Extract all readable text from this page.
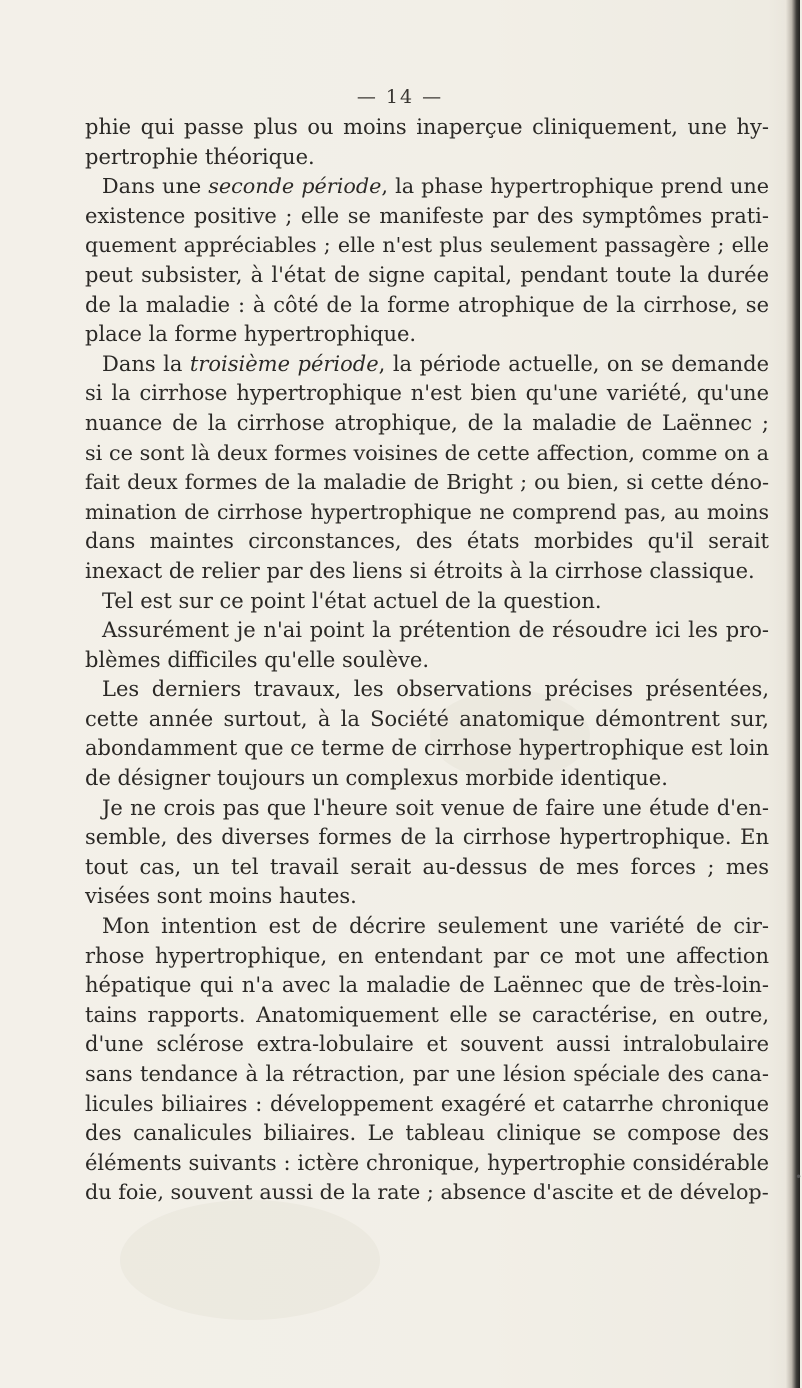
— 14 —
phie qui passe plus ou moins inaperçue cliniquement, une hy-
pertrophie théorique.
Dans une seconde période, la phase hypertrophique prend une
existence positive ; elle se manifeste par des symptômes prati-
quement appréciables ; elle n'est plus seulement passagère ; elle
peut subsister, à l'état de signe capital, pendant toute la durée
de la maladie : à côté de la forme atrophique de la cirrhose, se
place la forme hypertrophique.
Dans la troisième période, la période actuelle, on se demande
si la cirrhose hypertrophique n'est bien qu'une variété, qu'une
nuance de la cirrhose atrophique, de la maladie de Laënnec ;
si ce sont là deux formes voisines de cette affection, comme on a
fait deux formes de la maladie de Bright ; ou bien, si cette déno-
mination de cirrhose hypertrophique ne comprend pas, au moins
dans maintes circonstances, des états morbides qu'il serait
inexact de relier par des liens si étroits à la cirrhose classique.
Tel est sur ce point l'état actuel de la question.
Assurément je n'ai point la prétention de résoudre ici les pro-
blèmes difficiles qu'elle soulève.
Les derniers travaux, les observations précises présentées,
cette année surtout, à la Société anatomique démontrent sur,
abondamment que ce terme de cirrhose hypertrophique est loin
de désigner toujours un complexus morbide identique.
Je ne crois pas que l'heure soit venue de faire une étude d'en-
semble, des diverses formes de la cirrhose hypertrophique. En
tout cas, un tel travail serait au-dessus de mes forces ; mes
visées sont moins hautes.
Mon intention est de décrire seulement une variété de cir-
rhose hypertrophique, en entendant par ce mot une affection
hépatique qui n'a avec la maladie de Laënnec que de très-loin-
tains rapports. Anatomiquement elle se caractérise, en outre,
d'une sclérose extra-lobulaire et souvent aussi intralobulaire
sans tendance à la rétraction, par une lésion spéciale des cana-
licules biliaires : développement exagéré et catarrhe chronique
des canalicules biliaires. Le tableau clinique se compose des
éléments suivants : ictère chronique, hypertrophie considérable
du foie, souvent aussi de la rate ; absence d'ascite et de dévelop-
•
